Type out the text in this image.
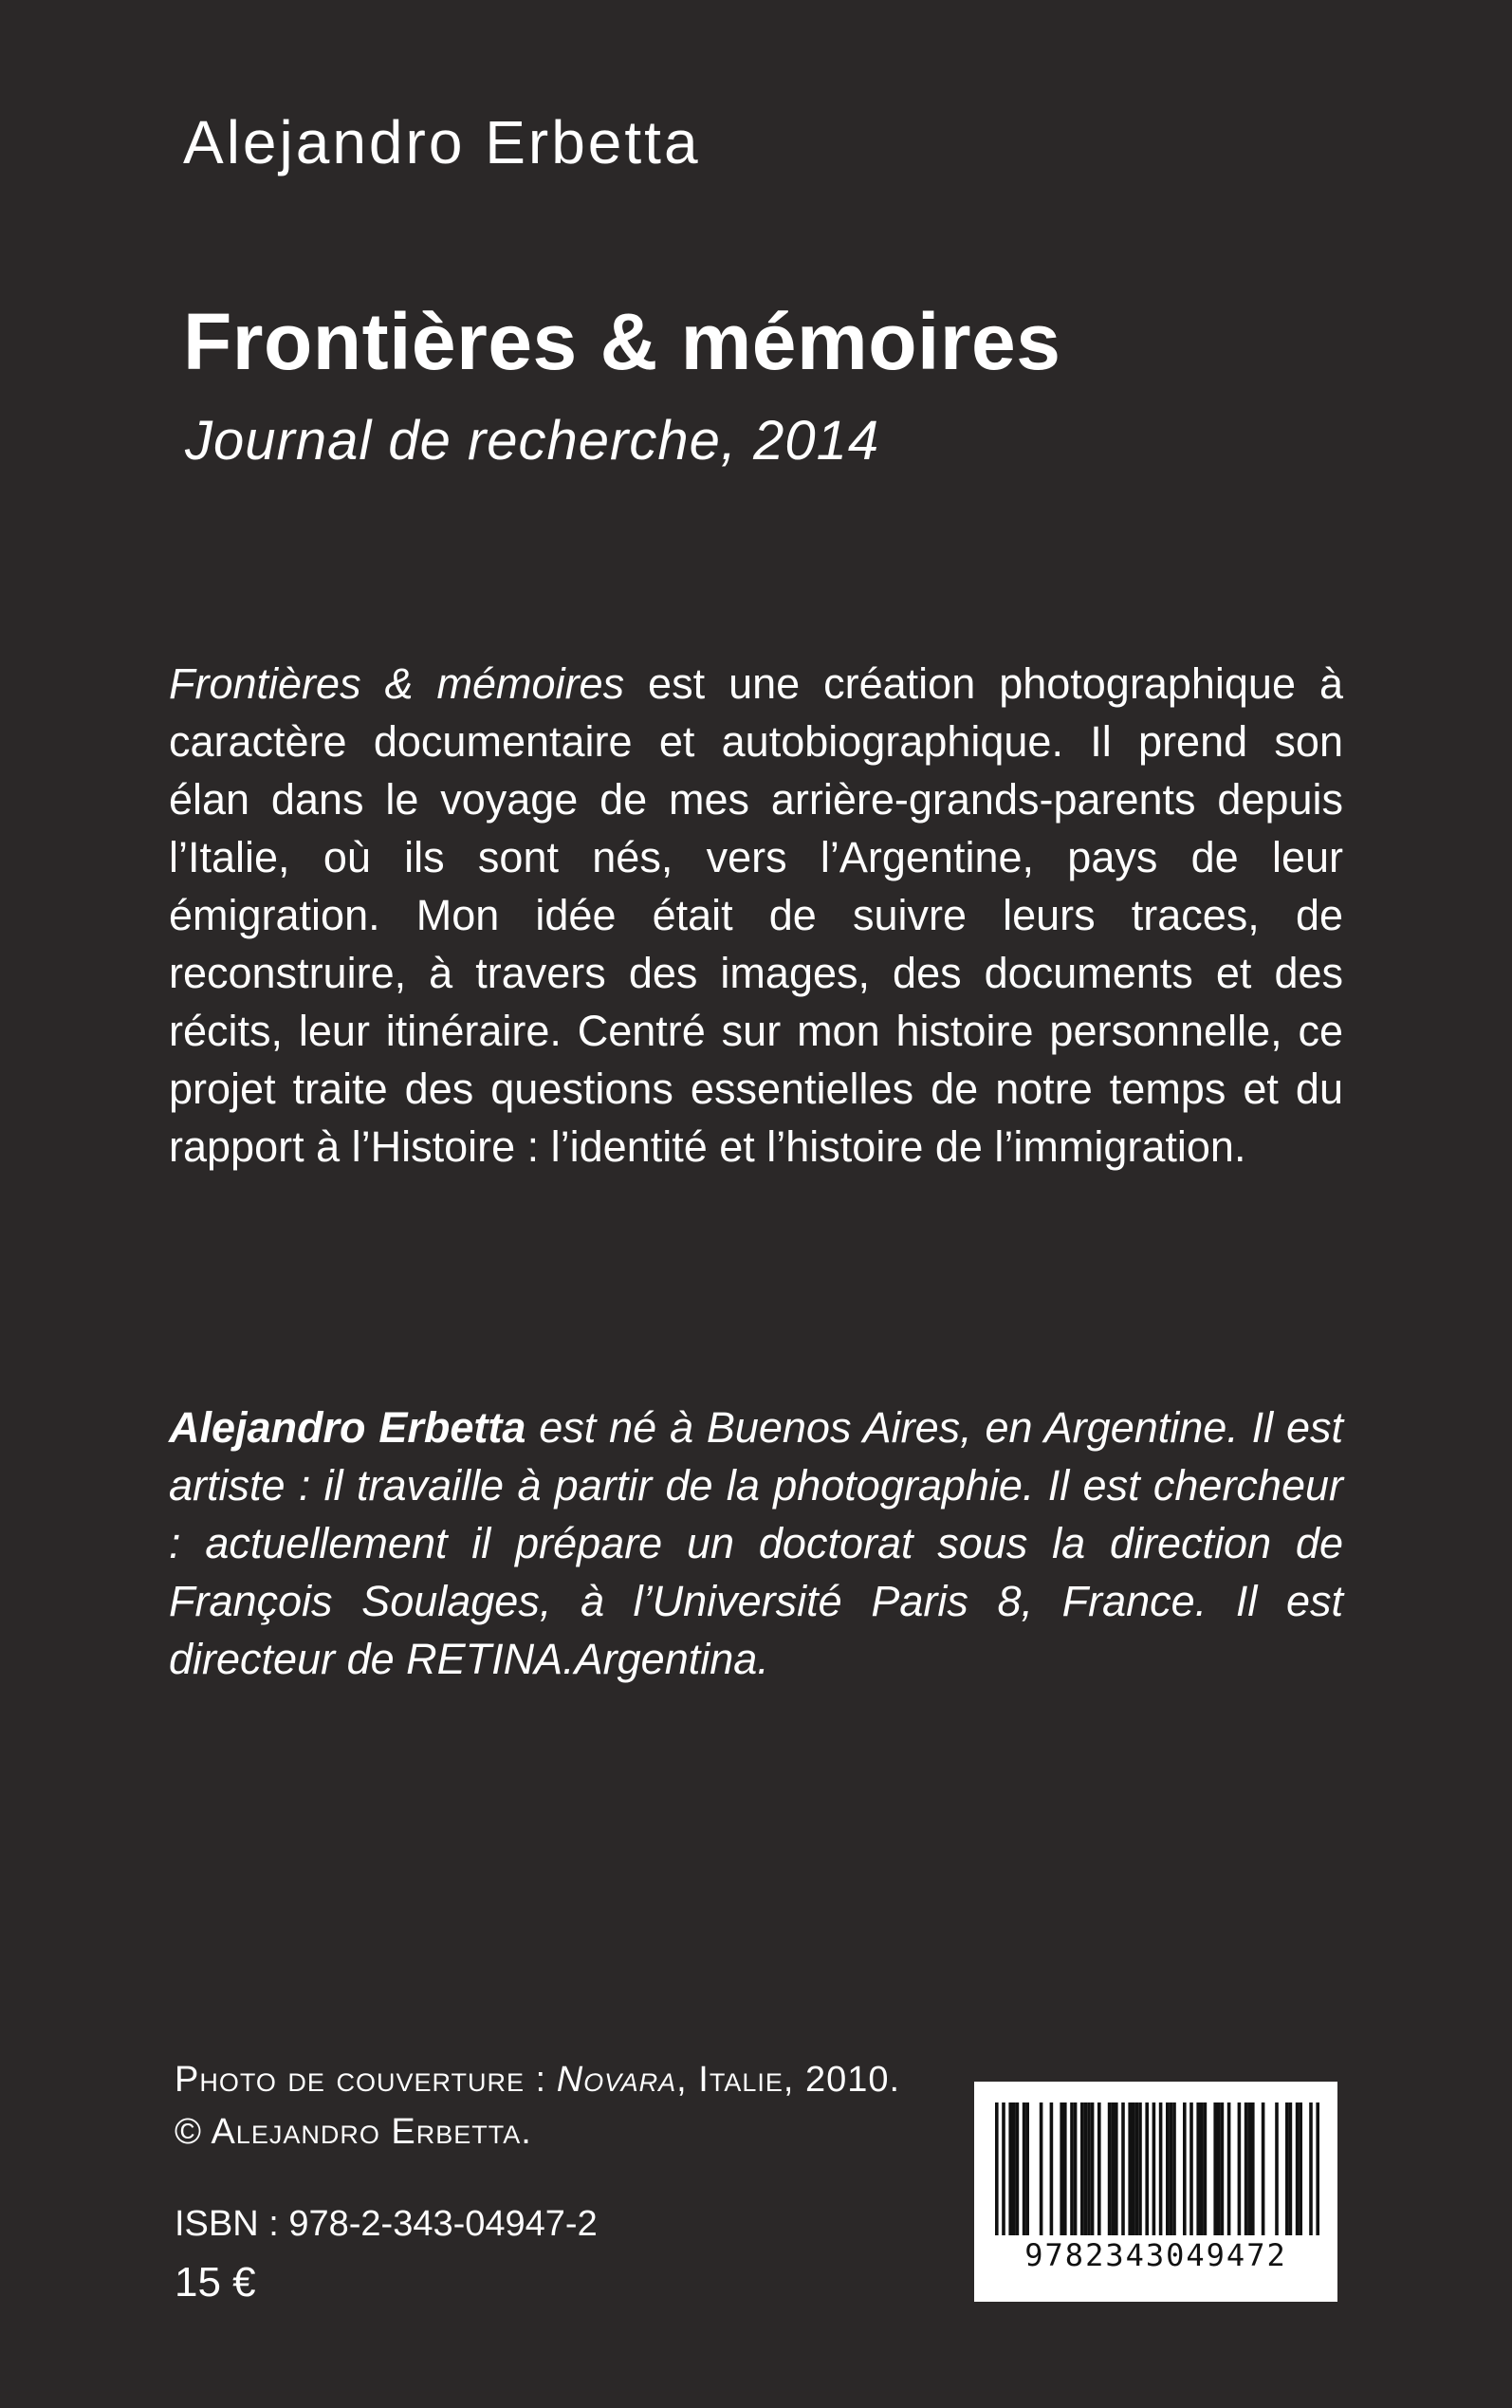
Alejandro Erbetta
Frontières & mémoires
Journal de recherche, 2014
Frontières & mémoires est une création photographique à caractère documentaire et autobiographique. Il prend son élan dans le voyage de mes arrière-grands-parents depuis l’Italie, où ils sont nés, vers l’Argentine, pays de leur émigration. Mon idée était de suivre leurs traces, de reconstruire, à travers des images, des documents et des récits, leur itinéraire. Centré sur mon histoire personnelle, ce projet traite des questions essentielles de notre temps et du rapport à l’Histoire : l’identité et l’histoire de l’immigration.
Alejandro Erbetta est né à Buenos Aires, en Argentine. Il est artiste : il travaille à partir de la photographie. Il est chercheur : actuellement il prépare un doctorat sous la direction de François Soulages, à l’Université Paris 8, France. Il est directeur de RETINA.Argentina.
Photo de couverture : Novara, Italie, 2010.
© Alejandro Erbetta.
ISBN : 978-2-343-04947-2
15 €
9782343049472
